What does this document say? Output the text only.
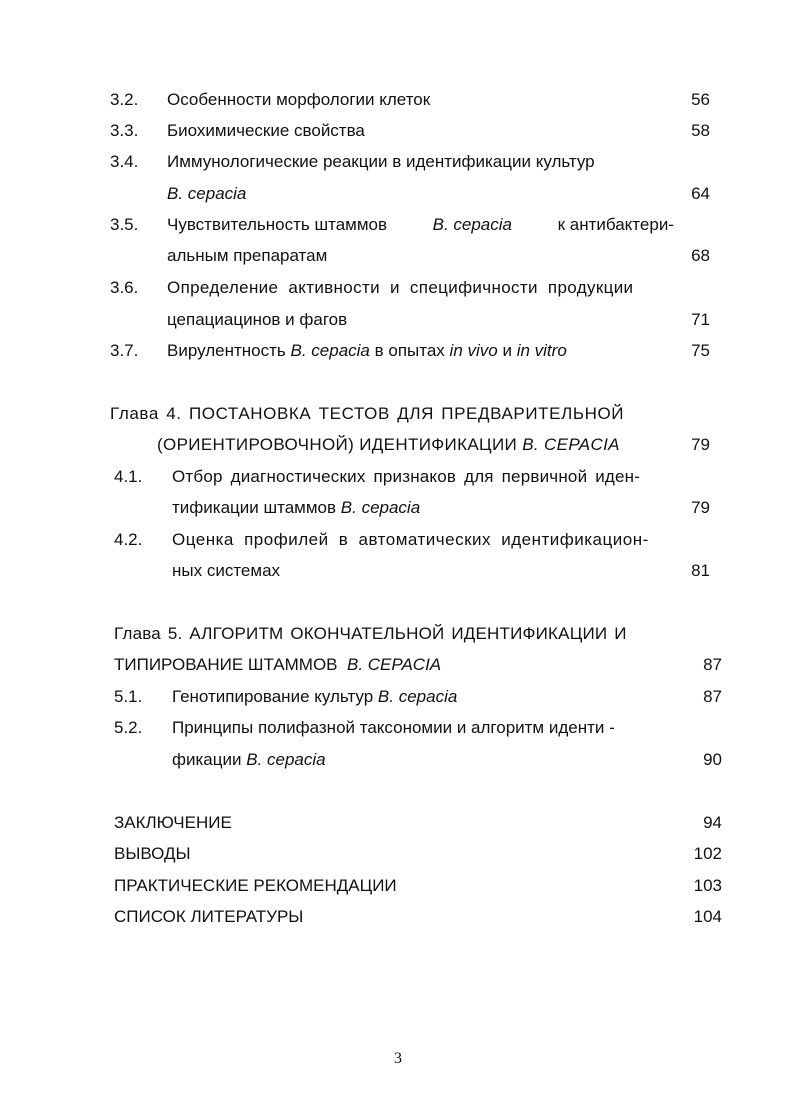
3.2. Особенности морфологии клеток	56
3.3. Биохимические свойства	58
3.4. Иммунологические реакции в идентификации культур
B. cepacia	64
3.5. Чувствительность штаммов	B. cepacia	к антибактери-
альным препаратам	68
3.6. Определение активности и специфичности продукции
цепациацинов и фагов	71
3.7. Вирулентность B. cepacia в опытах in vivo и in vitro	75
Глава 4. ПОСТАНОВКА ТЕСТОВ ДЛЯ ПРЕДВАРИТЕЛЬНОЙ
(ОРИЕНТИРОВОЧНОЙ) ИДЕНТИФИКАЦИИ B. CEPACIA	79
4.1. Отбор диагностических признаков для первичной иден-
тификации штаммов B. cepacia	79
4.2. Оценка профилей в автоматических идентификацион-
ных системах	81
Глава 5. АЛГОРИТМ ОКОНЧАТЕЛЬНОЙ ИДЕНТИФИКАЦИИ И
ТИПИРОВАНИЕ ШТАММОВ B. CEPACIA	87
5.1. Генотипирование культур B. cepacia	87
5.2. Принципы полифазной таксономии и алгоритм иденти -
фикации B. cepacia	90
ЗАКЛЮЧЕНИЕ	94
ВЫВОДЫ	102
ПРАКТИЧЕСКИЕ РЕКОМЕНДАЦИИ	103
СПИСОК ЛИТЕРАТУРЫ	104
3
